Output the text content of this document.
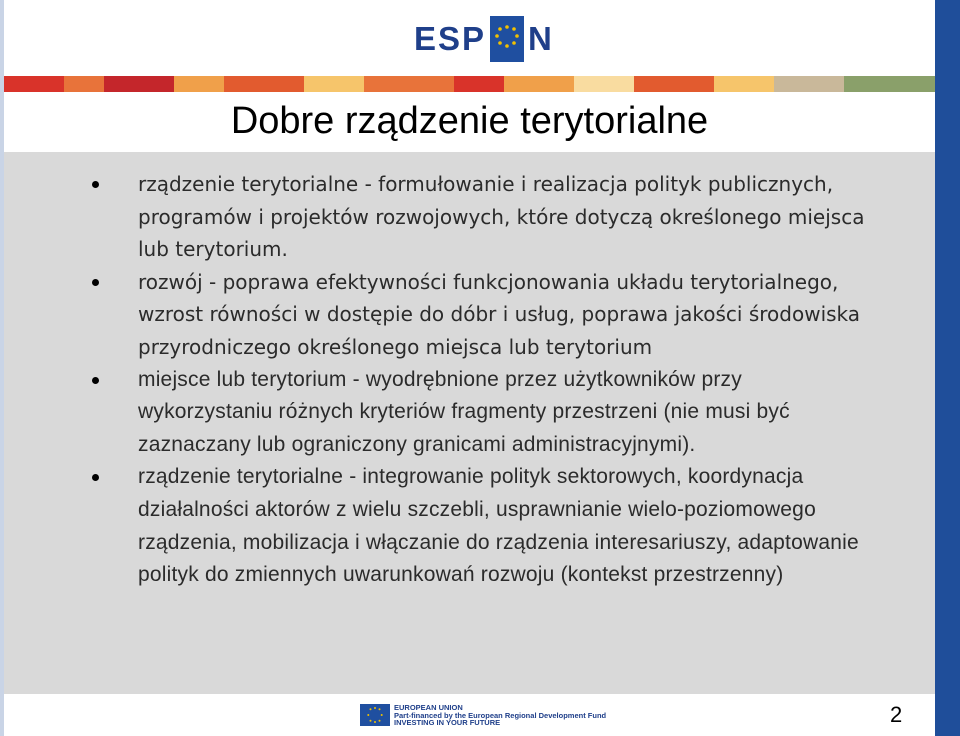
ESP N
Dobre rządzenie terytorialne
rządzenie terytorialne - formułowanie i realizacja polityk publicznych, programów i projektów rozwojowych, które dotyczą określonego miejsca lub terytorium.
rozwój - poprawa efektywności funkcjonowania układu terytorialnego, wzrost równości w dostępie do dóbr i usług, poprawa jakości środowiska przyrodniczego określonego miejsca lub terytorium
miejsce lub terytorium - wyodrębnione przez użytkowników przy wykorzystaniu różnych kryteriów fragmenty przestrzeni (nie musi być zaznaczany lub ograniczony granicami administracyjnymi).
rządzenie terytorialne - integrowanie polityk sektorowych, koordynacja działalności aktorów z wielu szczebli, usprawnianie wielo-poziomowego rządzenia, mobilizacja i włączanie do rządzenia interesariuszy, adaptowanie polityk do zmiennych uwarunkowań rozwoju (kontekst przestrzenny)
EUROPEAN UNION
Part-financed by the European Regional Development Fund
INVESTING IN YOUR FUTURE	2
